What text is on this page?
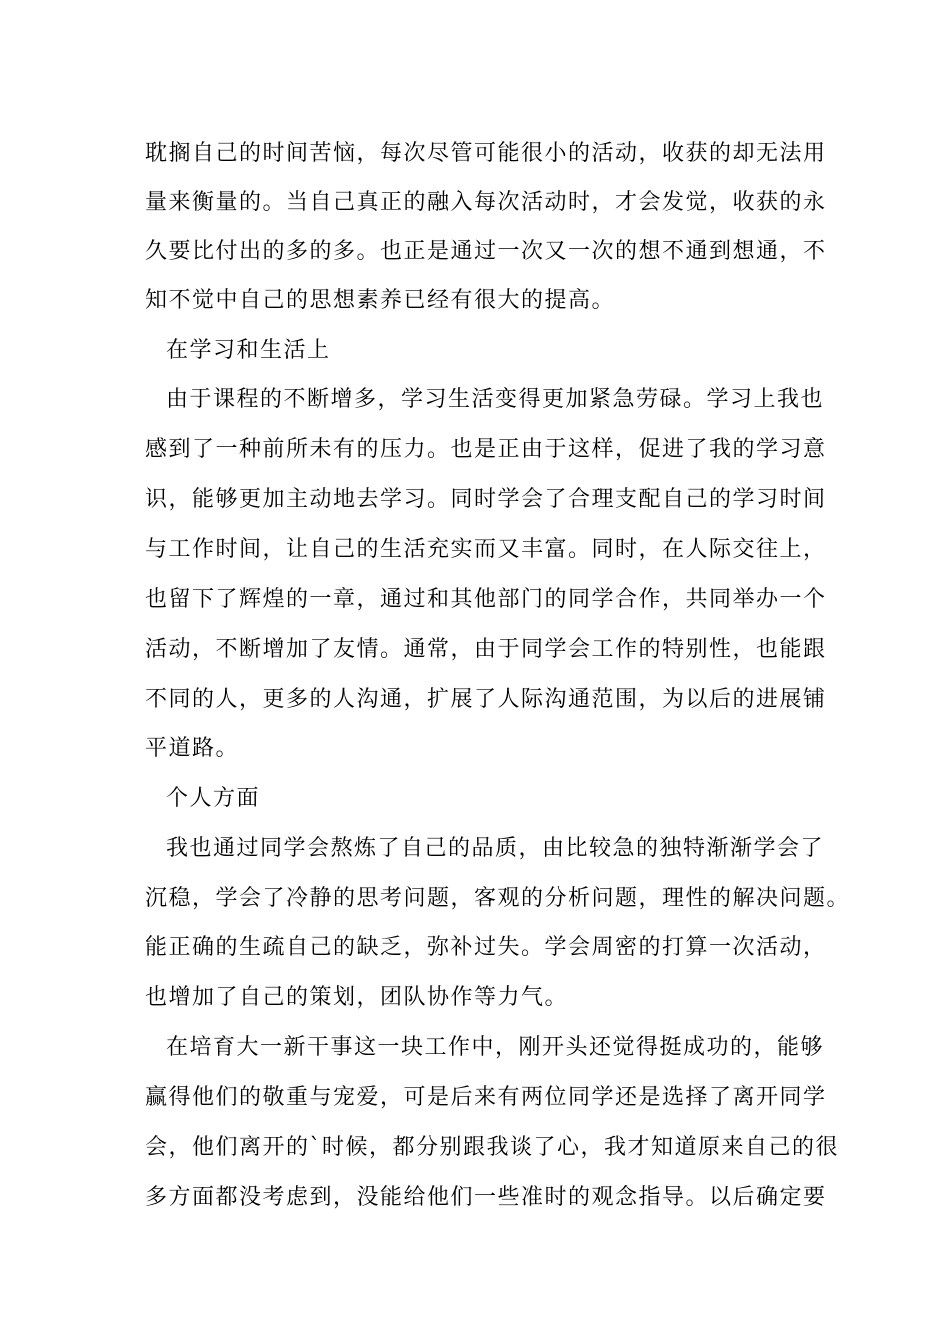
耽搁自己的时间苦恼，每次尽管可能很小的活动，收获的却无法用
量来衡量的。当自己真正的融入每次活动时，才会发觉，收获的永
久要比付出的多的多。也正是通过一次又一次的想不通到想通，不
知不觉中自己的思想素养已经有很大的提高。
在学习和生活上
由于课程的不断增多，学习生活变得更加紧急劳碌。学习上我也
感到了一种前所未有的压力。也是正由于这样，促进了我的学习意
识，能够更加主动地去学习。同时学会了合理支配自己的学习时间
与工作时间，让自己的生活充实而又丰富。同时，在人际交往上，
也留下了辉煌的一章，通过和其他部门的同学合作，共同举办一个
活动，不断增加了友情。通常，由于同学会工作的特别性，也能跟
不同的人，更多的人沟通，扩展了人际沟通范围，为以后的进展铺
平道路。
个人方面
我也通过同学会熬炼了自己的品质，由比较急的独特渐渐学会了
沉稳，学会了冷静的思考问题，客观的分析问题，理性的解决问题。
能正确的生疏自己的缺乏，弥补过失。学会周密的打算一次活动，
也增加了自己的策划，团队协作等力气。
在培育大一新干事这一块工作中，刚开头还觉得挺成功的，能够
赢得他们的敬重与宠爱，可是后来有两位同学还是选择了离开同学
会，他们离开的`时候，都分别跟我谈了心，我才知道原来自己的很
多方面都没考虑到，没能给他们一些准时的观念指导。以后确定要
